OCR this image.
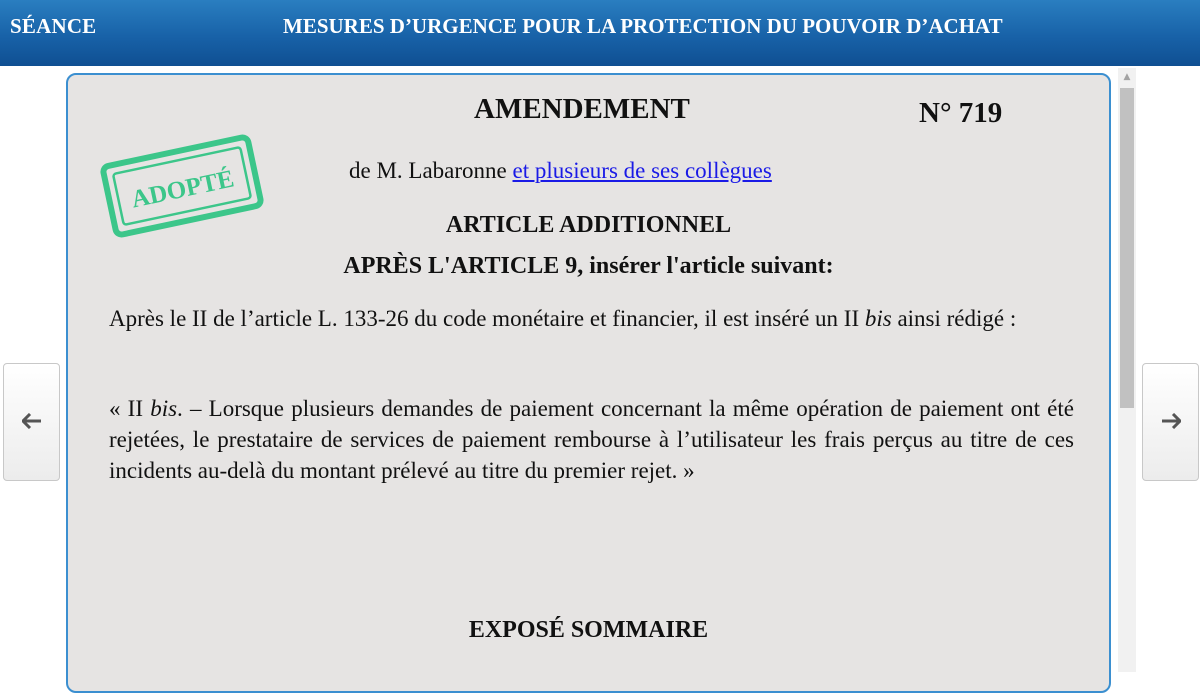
SÉANCE	MESURES D’URGENCE POUR LA PROTECTION DU POUVOIR D’ACHAT
AMENDEMENT	N° 719
ADOPTÉ	de M. Labaronne et plusieurs de ses collègues
ARTICLE ADDITIONNEL
APRÈS L'ARTICLE 9, insérer l'article suivant:

Après le II de l’article L. 133-26 du code monétaire et financier, il est inséré un II bis ainsi rédigé :

« II bis. – Lorsque plusieurs demandes de paiement concernant la même opération de paiement ont été rejetées, le prestataire de services de paiement rembourse à l’utilisateur les frais perçus au titre de ces incidents au-delà du montant prélevé au titre du premier rejet. »

EXPOSÉ SOMMAIRE
▲
